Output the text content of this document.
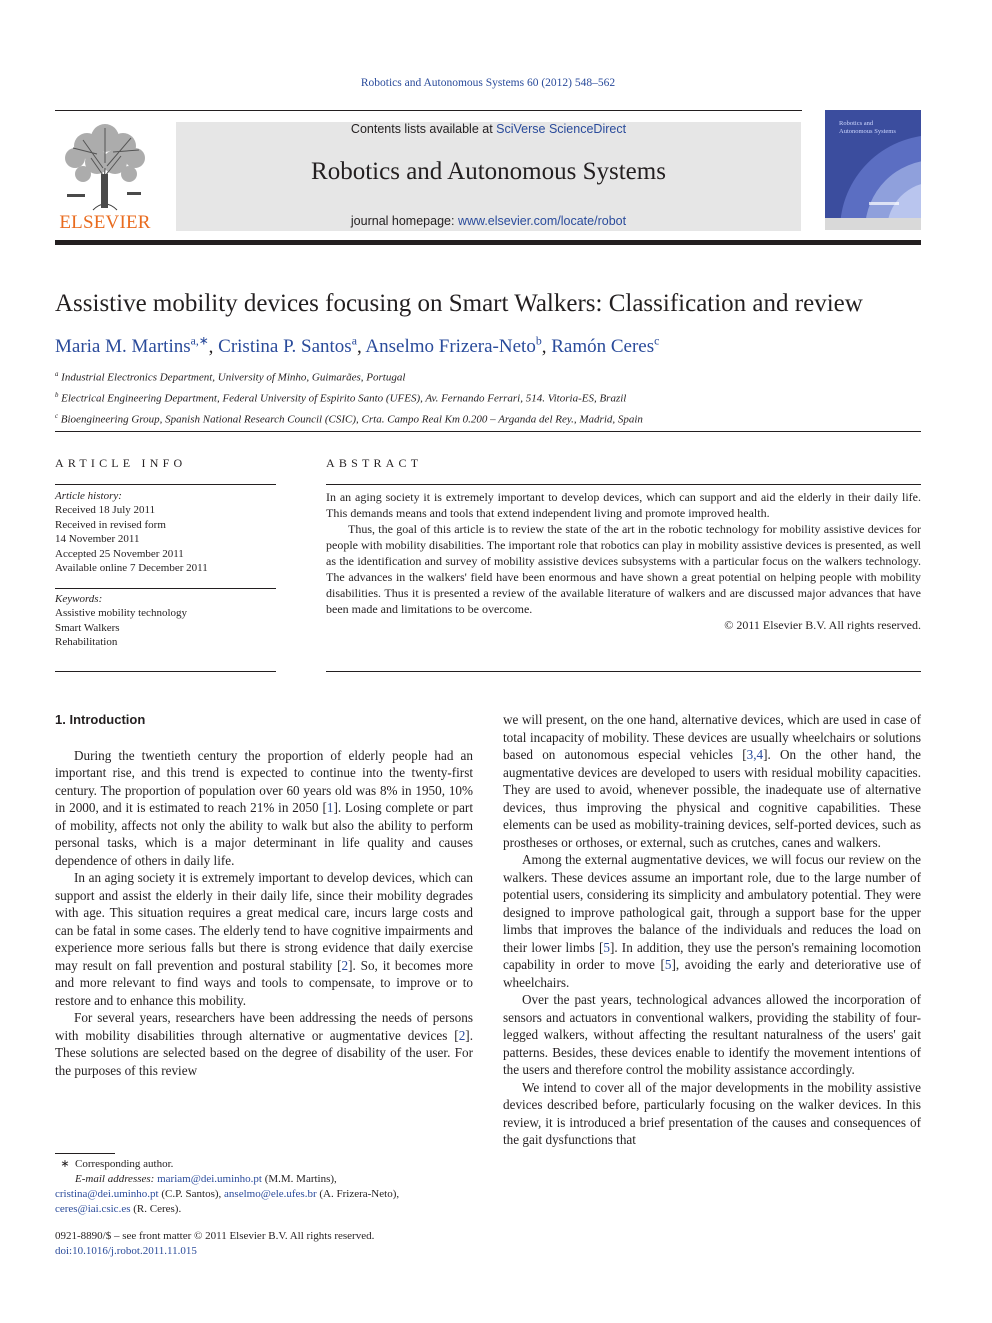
Robotics and Autonomous Systems 60 (2012) 548–562
ELSEVIER
Contents lists available at SciVerse ScienceDirect
Robotics and Autonomous Systems
journal homepage: www.elsevier.com/locate/robot
Robotics and
Autonomous Systems
Assistive mobility devices focusing on Smart Walkers: Classification and review
Maria M. Martins$^{a,∗}$, Cristina P. Santos$^a$, Anselmo Frizera-Neto$^b$, Ramón Ceres$^c$
$^a$ Industrial Electronics Department, University of Minho, Guimarães, Portugal
$^b$ Electrical Engineering Department, Federal University of Espirito Santo (UFES), Av. Fernando Ferrari, 514. Vitoria-ES, Brazil
$^c$ Bioengineering Group, Spanish National Research Council (CSIC), Crta. Campo Real Km 0.200 – Arganda del Rey., Madrid, Spain
ARTICLE INFO
Article history:
Received 18 July 2011
Received in revised form
14 November 2011
Accepted 25 November 2011
Available online 7 December 2011
Keywords:
Assistive mobility technology
Smart Walkers
Rehabilitation
ABSTRACT

In an aging society it is extremely important to develop devices, which can support and aid the elderly in their daily life. This demands means and tools that extend independent living and promote improved health.

Thus, the goal of this article is to review the state of the art in the robotic technology for mobility assistive devices for people with mobility disabilities. The important role that robotics can play in mobility assistive devices is presented, as well as the identification and survey of mobility assistive devices subsystems with a particular focus on the walkers technology. The advances in the walkers' field have been enormous and have shown a great potential on helping people with mobility disabilities. Thus it is presented a review of the available literature of walkers and are discussed major advances that have been made and limitations to be overcome.

© 2011 Elsevier B.V. All rights reserved.

1. Introduction

During the twentieth century the proportion of elderly people had an important rise, and this trend is expected to continue into the twenty-first century. The proportion of population over 60 years old was 8% in 1950, 10% in 2000, and it is estimated to reach 21% in 2050 [1]. Losing complete or part of mobility, affects not only the ability to walk but also the ability to perform personal tasks, which is a major determinant in life quality and causes dependence of others in daily life.

In an aging society it is extremely important to develop devices, which can support and assist the elderly in their daily life, since their mobility degrades with age. This situation requires a great medical care, incurs large costs and can be fatal in some cases. The elderly tend to have cognitive impairments and experience more serious falls but there is strong evidence that daily exercise may result on fall prevention and postural stability [2]. So, it becomes more and more relevant to find ways and tools to compensate, to improve or to restore and to enhance this mobility.

For several years, researchers have been addressing the needs of persons with mobility disabilities through alternative or augmentative devices [2]. These solutions are selected based on the degree of disability of the user. For the purposes of this review

we will present, on the one hand, alternative devices, which are used in case of total incapacity of mobility. These devices are usually wheelchairs or solutions based on autonomous especial vehicles [3,4]. On the other hand, the augmentative devices are developed to users with residual mobility capacities. They are used to avoid, whenever possible, the inadequate use of alternative devices, thus improving the physical and cognitive capabilities. These elements can be used as mobility-training devices, self-ported devices, such as prostheses or orthoses, or external, such as crutches, canes and walkers.

Among the external augmentative devices, we will focus our review on the walkers. These devices assume an important role, due to the large number of potential users, considering its simplicity and ambulatory potential. They were designed to improve pathological gait, through a support base for the upper limbs that improves the balance of the individuals and reduces the load on their lower limbs [5]. In addition, they use the person's remaining locomotion capability in order to move [5], avoiding the early and deteriorative use of wheelchairs.

Over the past years, technological advances allowed the incorporation of sensors and actuators in conventional walkers, providing the stability of four-legged walkers, without affecting the resultant naturalness of the users' gait patterns. Besides, these devices enable to identify the movement intentions of the users and therefore control the mobility assistance accordingly.

We intend to cover all of the major developments in the mobility assistive devices described before, particularly focusing on the walker devices. In this review, it is introduced a brief presentation of the causes and consequences of the gait dysfunctions that

∗ Corresponding author.
E-mail addresses: mariam@dei.uminho.pt (M.M. Martins),
cristina@dei.uminho.pt (C.P. Santos), anselmo@ele.ufes.br (A. Frizera-Neto),
ceres@iai.csic.es (R. Ceres).
0921-8890/$ – see front matter © 2011 Elsevier B.V. All rights reserved.
doi:10.1016/j.robot.2011.11.015
